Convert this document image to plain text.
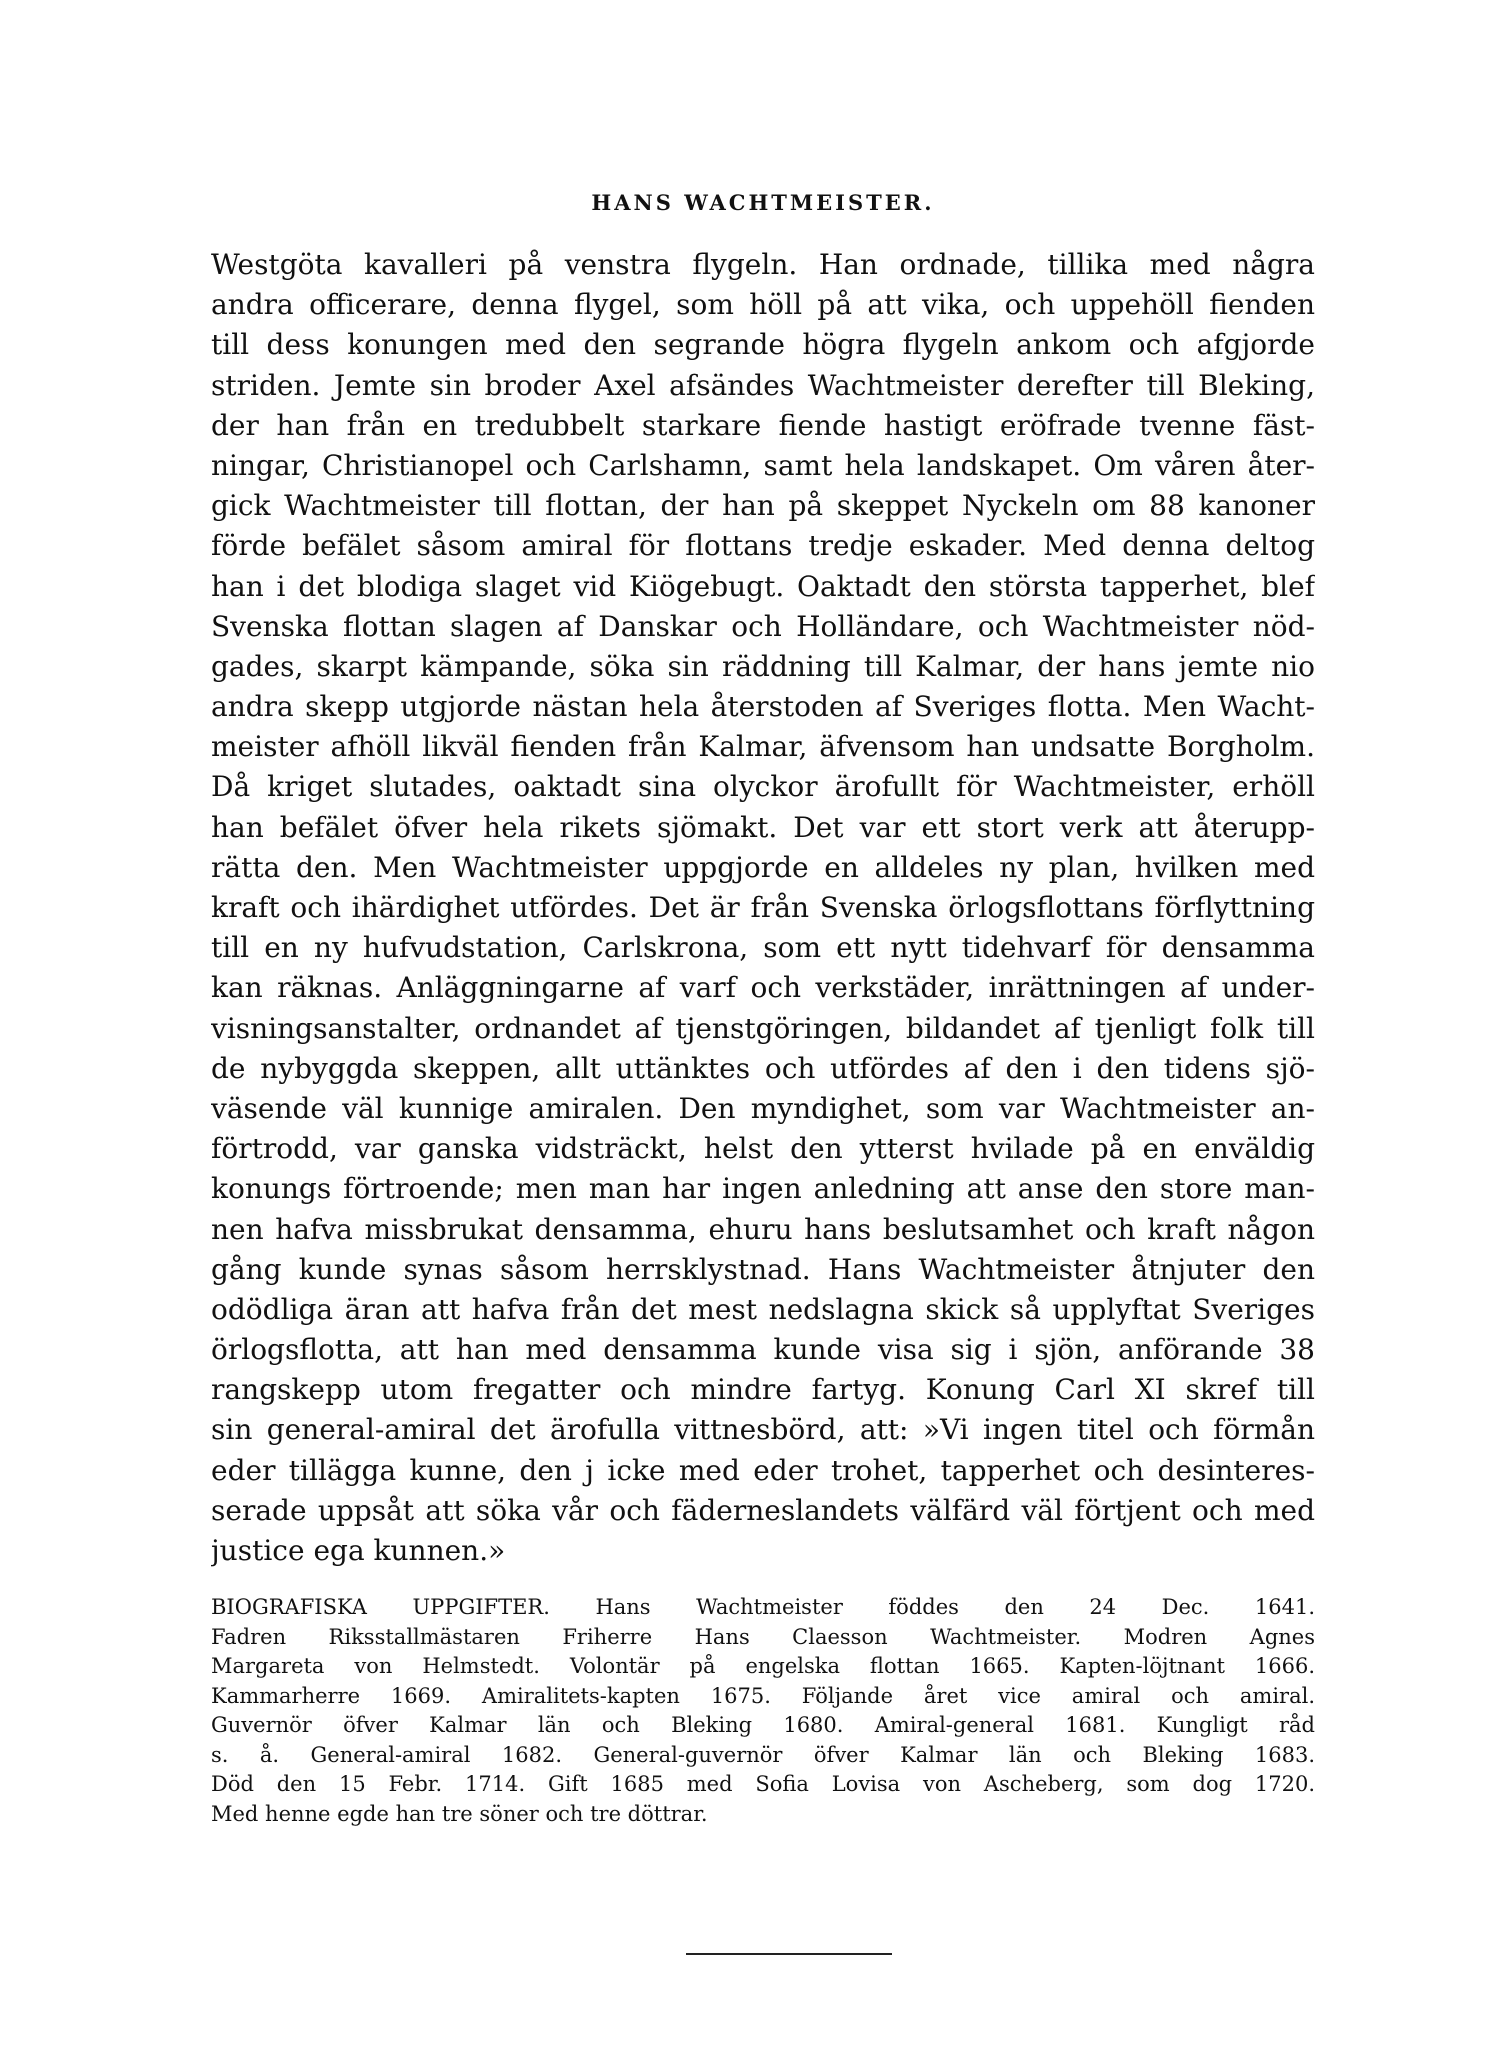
HANS WACHTMEISTER.
Westgöta kavalleri på venstra flygeln. Han ordnade, tillika med några
andra officerare, denna flygel, som höll på att vika, och uppehöll fienden
till dess konungen med den segrande högra flygeln ankom och afgjorde
striden. Jemte sin broder Axel afsändes Wachtmeister derefter till Bleking,
der han från en tredubbelt starkare fiende hastigt eröfrade tvenne fäst-
ningar, Christianopel och Carlshamn, samt hela landskapet. Om våren åter-
gick Wachtmeister till flottan, der han på skeppet Nyckeln om 88 kanoner
förde befälet såsom amiral för flottans tredje eskader. Med denna deltog
han i det blodiga slaget vid Kiögebugt. Oaktadt den största tapperhet, blef
Svenska flottan slagen af Danskar och Holländare, och Wachtmeister nöd-
gades, skarpt kämpande, söka sin räddning till Kalmar, der hans jemte nio
andra skepp utgjorde nästan hela återstoden af Sveriges flotta. Men Wacht-
meister afhöll likväl fienden från Kalmar, äfvensom han undsatte Borgholm.
Då kriget slutades, oaktadt sina olyckor ärofullt för Wachtmeister, erhöll
han befälet öfver hela rikets sjömakt. Det var ett stort verk att återupp-
rätta den. Men Wachtmeister uppgjorde en alldeles ny plan, hvilken med
kraft och ihärdighet utfördes. Det är från Svenska örlogsflottans förflyttning
till en ny hufvudstation, Carlskrona, som ett nytt tidehvarf för densamma
kan räknas. Anläggningarne af varf och verkstäder, inrättningen af under-
visningsanstalter, ordnandet af tjenstgöringen, bildandet af tjenligt folk till
de nybyggda skeppen, allt uttänktes och utfördes af den i den tidens sjö-
väsende väl kunnige amiralen. Den myndighet, som var Wachtmeister an-
förtrodd, var ganska vidsträckt, helst den ytterst hvilade på en enväldig
konungs förtroende; men man har ingen anledning att anse den store man-
nen hafva missbrukat densamma, ehuru hans beslutsamhet och kraft någon
gång kunde synas såsom herrsklystnad. Hans Wachtmeister åtnjuter den
odödliga äran att hafva från det mest nedslagna skick så upplyftat Sveriges
örlogsflotta, att han med densamma kunde visa sig i sjön, anförande 38
rangskepp utom fregatter och mindre fartyg. Konung Carl XI skref till
sin general-amiral det ärofulla vittnesbörd, att: »Vi ingen titel och förmån
eder tillägga kunne, den j icke med eder trohet, tapperhet och desinteres-
serade uppsåt att söka vår och fäderneslandets välfärd väl förtjent och med
justice ega kunnen.»
BIOGRAFISKA UPPGIFTER. Hans Wachtmeister föddes den 24 Dec. 1641.
Fadren Riksstallmästaren Friherre Hans Claesson Wachtmeister. Modren Agnes
Margareta von Helmstedt. Volontär på engelska flottan 1665. Kapten-löjtnant 1666.
Kammarherre 1669. Amiralitets-kapten 1675. Följande året vice amiral och amiral.
Guvernör öfver Kalmar län och Bleking 1680. Amiral-general 1681. Kungligt råd
s. å. General-amiral 1682. General-guvernör öfver Kalmar län och Bleking 1683.
Död den 15 Febr. 1714. Gift 1685 med Sofia Lovisa von Ascheberg, som dog 1720.
Med henne egde han tre söner och tre döttrar.
